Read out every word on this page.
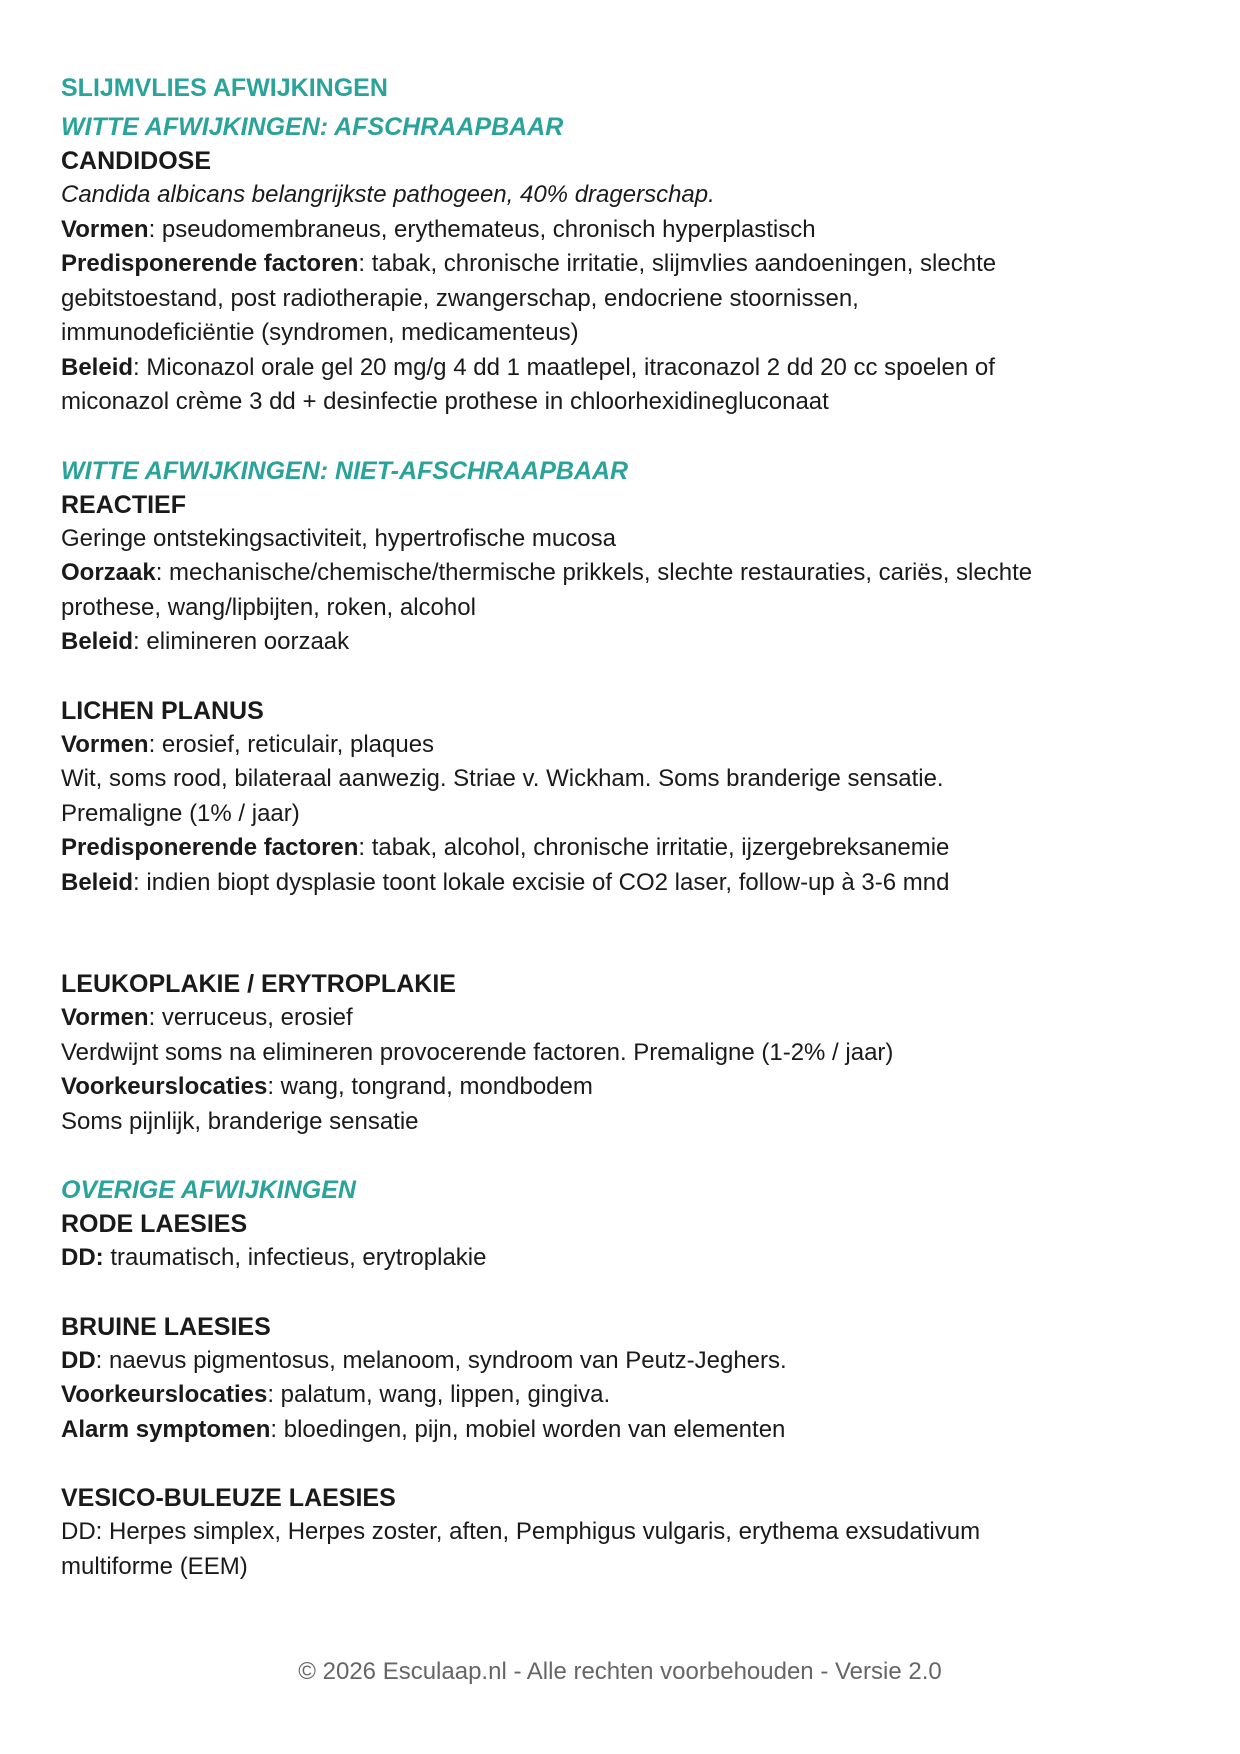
SLIJMVLIES AFWIJKINGEN

WITTE AFWIJKINGEN: AFSCHRAAPBAAR

CANDIDOSE

Candida albicans belangrijkste pathogeen, 40% dragerschap.

Vormen: pseudomembraneus, erythemateus, chronisch hyperplastisch

Predisponerende factoren: tabak, chronische irritatie, slijmvlies aandoeningen, slechte

gebitstoestand, post radiotherapie, zwangerschap, endocriene stoornissen,

immunodeficiëntie (syndromen, medicamenteus)

Beleid: Miconazol orale gel 20 mg/g 4 dd 1 maatlepel, itraconazol 2 dd 20 cc spoelen of

miconazol crème 3 dd + desinfectie prothese in chloorhexidinegluconaat

WITTE AFWIJKINGEN: NIET-AFSCHRAAPBAAR

REACTIEF

Geringe ontstekingsactiviteit, hypertrofische mucosa

Oorzaak: mechanische/chemische/thermische prikkels, slechte restauraties, cariës, slechte

prothese, wang/lipbijten, roken, alcohol

Beleid: elimineren oorzaak

LICHEN PLANUS

Vormen: erosief, reticulair, plaques

Wit, soms rood, bilateraal aanwezig. Striae v. Wickham. Soms branderige sensatie.

Premaligne (1% / jaar)

Predisponerende factoren: tabak, alcohol, chronische irritatie, ijzergebreksanemie

Beleid: indien biopt dysplasie toont lokale excisie of CO2 laser, follow-up à 3-6 mnd

LEUKOPLAKIE / ERYTROPLAKIE

Vormen: verruceus, erosief

Verdwijnt soms na elimineren provocerende factoren. Premaligne (1-2% / jaar)

Voorkeurslocaties: wang, tongrand, mondbodem

Soms pijnlijk, branderige sensatie

OVERIGE AFWIJKINGEN

RODE LAESIES

DD: traumatisch, infectieus, erytroplakie

BRUINE LAESIES

DD: naevus pigmentosus, melanoom, syndroom van Peutz-Jeghers.

Voorkeurslocaties: palatum, wang, lippen, gingiva.

Alarm symptomen: bloedingen, pijn, mobiel worden van elementen

VESICO-BULEUZE LAESIES

DD: Herpes simplex, Herpes zoster, aften, Pemphigus vulgaris, erythema exsudativum

multiforme (EEM)

© 2026 Esculaap.nl - Alle rechten voorbehouden - Versie 2.0
